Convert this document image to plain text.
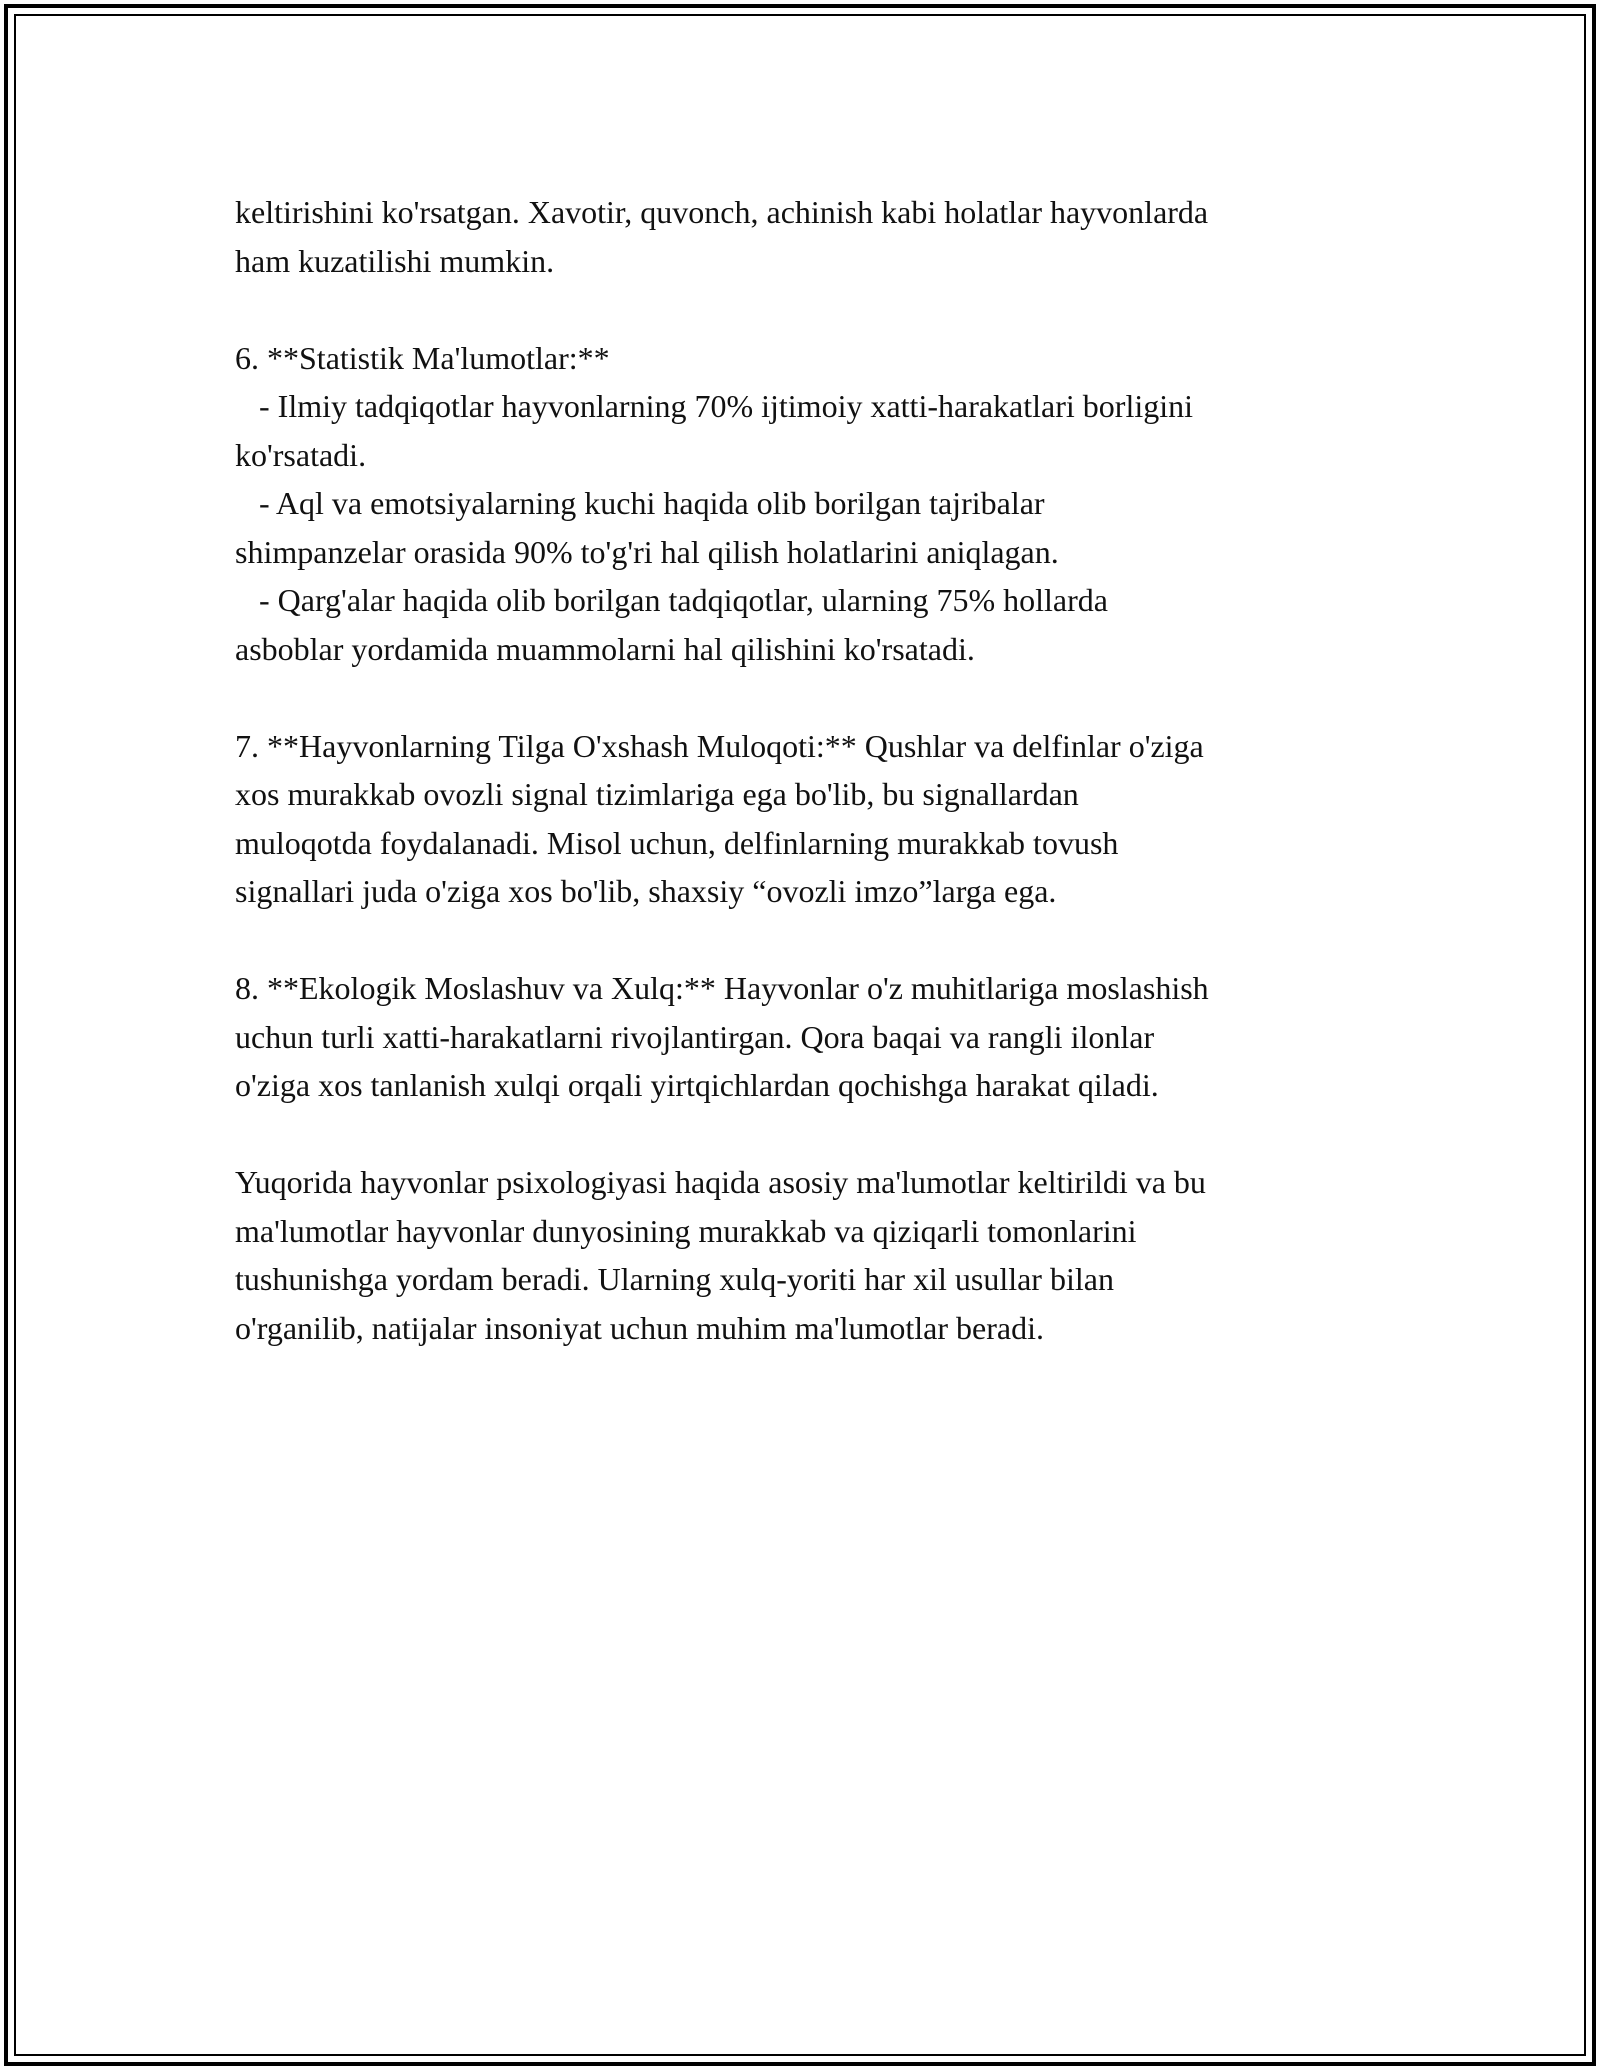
keltirishini ko'rsatgan. Xavotir, quvonch, achinish kabi holatlar hayvonlarda
ham kuzatilishi mumkin.

6. **Statistik Ma'lumotlar:**
- Ilmiy tadqiqotlar hayvonlarning 70% ijtimoiy xatti-harakatlari borligini
ko'rsatadi.
- Aql va emotsiyalarning kuchi haqida olib borilgan tajribalar
shimpanzelar orasida 90% to'g'ri hal qilish holatlarini aniqlagan.
- Qarg'alar haqida olib borilgan tadqiqotlar, ularning 75% hollarda
asboblar yordamida muammolarni hal qilishini ko'rsatadi.

7. **Hayvonlarning Tilga O'xshash Muloqoti:** Qushlar va delfinlar o'ziga
xos murakkab ovozli signal tizimlariga ega bo'lib, bu signallardan
muloqotda foydalanadi. Misol uchun, delfinlarning murakkab tovush
signallari juda o'ziga xos bo'lib, shaxsiy “ovozli imzo”larga ega.

8. **Ekologik Moslashuv va Xulq:** Hayvonlar o'z muhitlariga moslashish
uchun turli xatti-harakatlarni rivojlantirgan. Qora baqai va rangli ilonlar
o'ziga xos tanlanish xulqi orqali yirtqichlardan qochishga harakat qiladi.

Yuqorida hayvonlar psixologiyasi haqida asosiy ma'lumotlar keltirildi va bu
ma'lumotlar hayvonlar dunyosining murakkab va qiziqarli tomonlarini
tushunishga yordam beradi. Ularning xulq-yoriti har xil usullar bilan
o'rganilib, natijalar insoniyat uchun muhim ma'lumotlar beradi.
